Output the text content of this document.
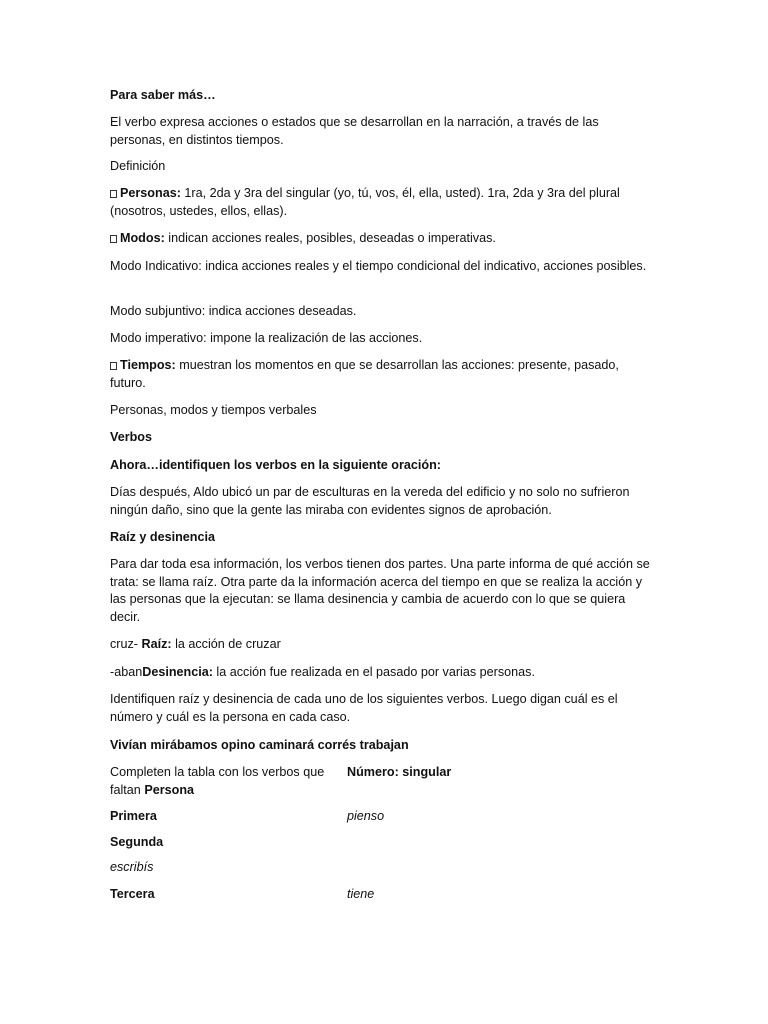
Para saber más…

El verbo expresa acciones o estados que se desarrollan en la narración, a través de las personas, en distintos tiempos.

Definición

Personas: 1ra, 2da y 3ra del singular (yo, tú, vos, él, ella, usted). 1ra, 2da y 3ra del plural (nosotros, ustedes, ellos, ellas).

Modos: indican acciones reales, posibles, deseadas o imperativas.

Modo Indicativo: indica acciones reales y el tiempo condicional del indicativo, acciones posibles.

Modo subjuntivo: indica acciones deseadas.

Modo imperativo: impone la realización de las acciones.

Tiempos: muestran los momentos en que se desarrollan las acciones: presente, pasado, futuro.

Personas, modos y tiempos verbales

Verbos

Ahora…identifiquen los verbos en la siguiente oración:

Días después, Aldo ubicó un par de esculturas en la vereda del edificio y no solo no sufrieron ningún daño, sino que la gente las miraba con evidentes signos de aprobación.

Raíz y desinencia

Para dar toda esa información, los verbos tienen dos partes. Una parte informa de qué acción se trata: se llama raíz. Otra parte da la información acerca del tiempo en que se realiza la acción y las personas que la ejecutan: se llama desinencia y cambia de acuerdo con lo que se quiera decir.

cruz- Raíz: la acción de cruzar

-abanDesinencia: la acción fue realizada en el pasado por varias personas.

Identifiquen raíz y desinencia de cada uno de los siguientes verbos. Luego digan cuál es el número y cuál es la persona en cada caso.

Vivían mirábamos opino caminará corrés trabajan

Completen la tabla con los verbos que faltan Persona
Número: singular
Primera	pienso
Segunda
escribís
Tercera	tiene
